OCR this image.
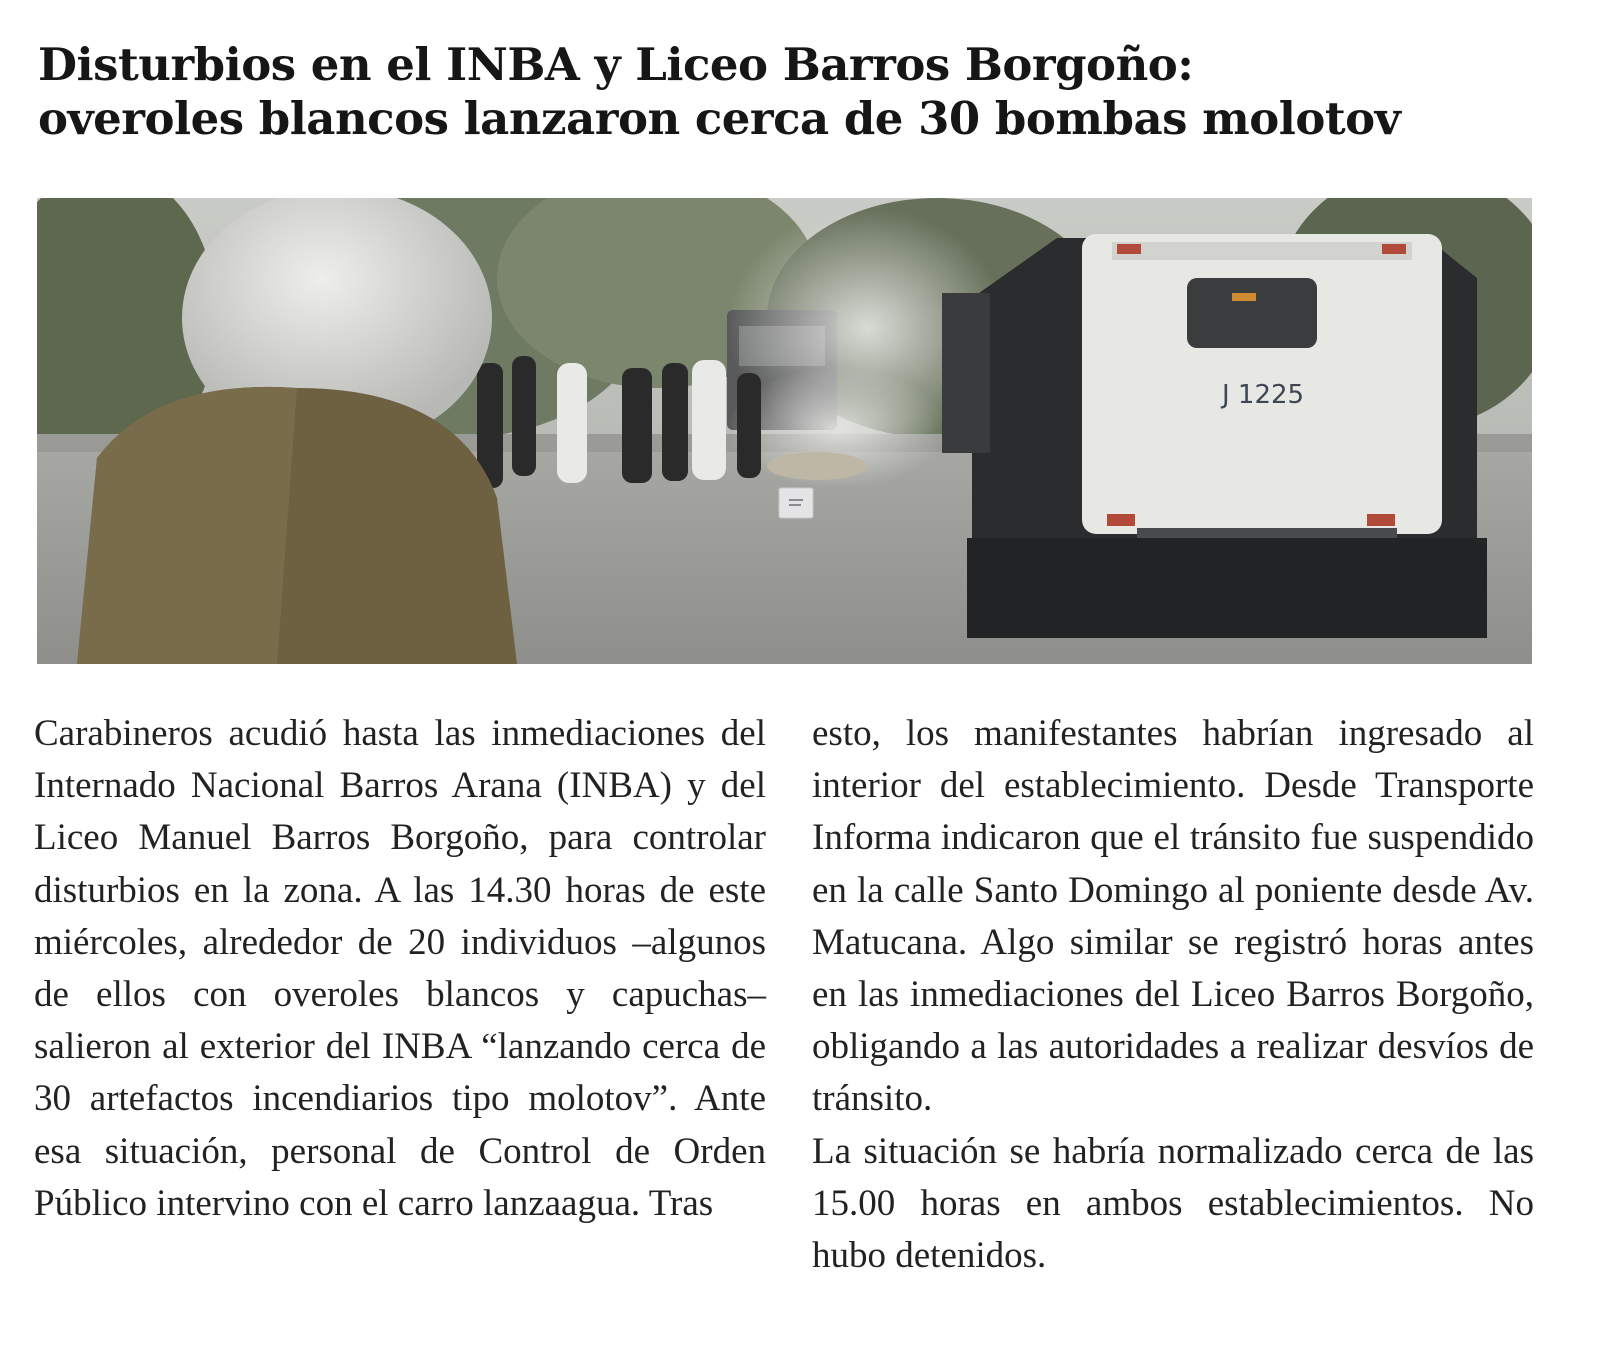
Disturbios en el INBA y Liceo Barros Borgoño:
overoles blancos lanzaron cerca de 30 bombas molotov
J 1225

Carabineros acudió hasta las inmediaciones del Internado Nacional Barros Arana (INBA) y del Liceo Manuel Barros Borgoño, para controlar disturbios en la zona. A las 14.30 horas de este miércoles, alrededor de 20 individuos –algunos de ellos con overoles blancos y capuchas– salieron al exterior del INBA “lanzando cerca de 30 artefactos incendiarios tipo molotov”. Ante esa situación, personal de Control de Orden Público intervino con el carro lanzaagua. Tras

esto, los manifestantes habrían ingresado al interior del establecimiento. Desde Transporte Informa indicaron que el tránsito fue suspendido en la calle Santo Domingo al poniente desde Av. Matucana. Algo similar se registró horas antes en las inmediaciones del Liceo Barros Borgoño, obligando a las autoridades a realizar desvíos de tránsito.

La situación se habría normalizado cerca de las 15.00 horas en ambos establecimientos. No hubo detenidos.
